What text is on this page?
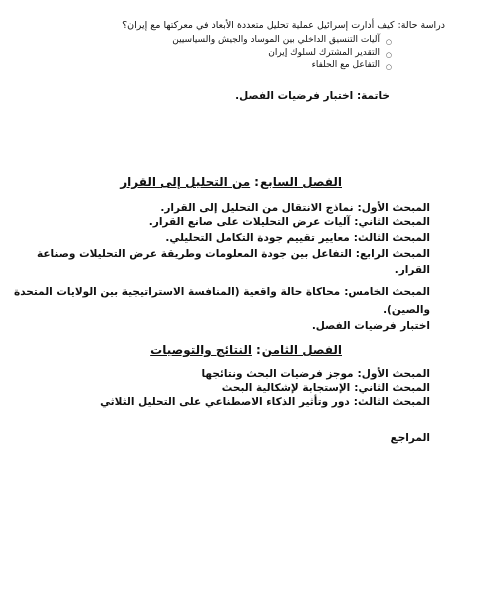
دراسة حالة: كيف أدارت إسرائيل عملية تحليل متعددة الأبعاد في معركتها مع إيران؟
○
آليات التنسيق الداخلي بين الموساد والجيش والسياسيين
○
التقدير المشترك لسلوك إيران
○
التفاعل مع الحلفاء
خاتمة: اختبار فرضيات الفصل.
الفصل السابع:من التحليل إلى القرار
المبحث الأول:نماذج الانتقال من التحليل إلى القرار.
المبحث الثاني:آليات عرض التحليلات على صانع القرار.
المبحث الثالث:معايير تقييم جودة التكامل التحليلي.
المبحث الرابع:التفاعل بين جودة المعلومات وطريقة عرض التحليلات وصناعة
القرار.
المبحث الخامس:محاكاة حالة واقعية (المنافسة الاستراتيجية بين الولايات المتحدة
والصين).
اختبار فرضيات الفصل.
الفصل الثامن:النتائج والتوصيات
المبحث الأول:موجز فرضيات البحث ونتائجها
المبحث الثاني:الإستجابة لإشكالية البحث
المبحث الثالث:دور وتأثير الذكاء الاصطناعي على التحليل الثلاثي
المراجع
